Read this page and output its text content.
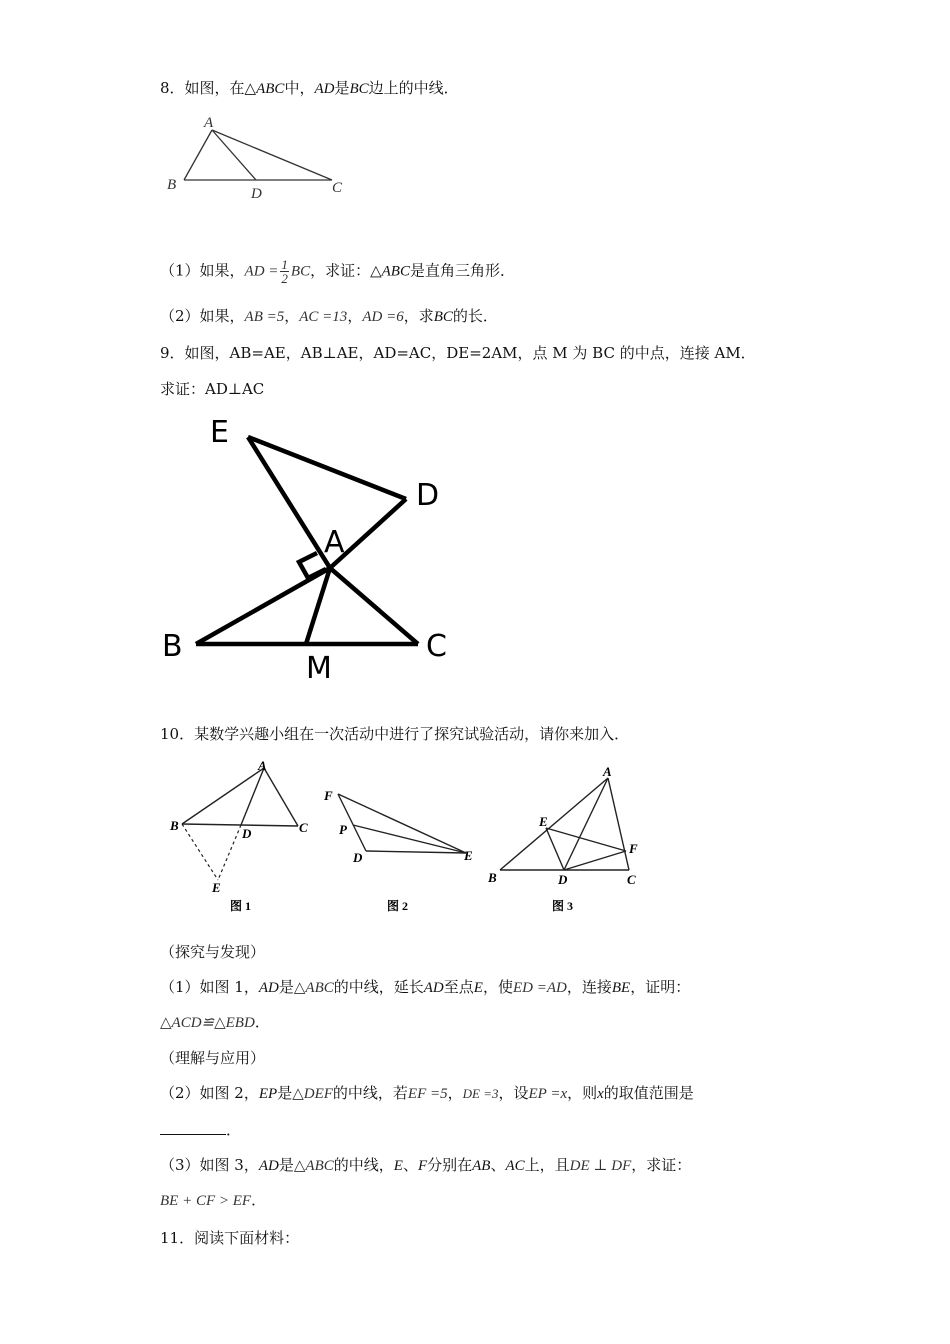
8．如图，在△ABC中，AD是BC边上的中线．
A
B
D	C
（1）如果，AD = $\frac{1}{2}$ BC，求证：△ABC是直角三角形．
（2）如果，AB =5，AC =13，AD =6，求BC的长．
9．如图，AB=AE，AB⊥AE，AD=AC，DE=2AM，点 M 为 BC 的中点，连接 AM．
求证：AD⊥AC
E
D
A
B
M
C
10．某数学兴趣小组在一次活动中进行了探究试验活动，请你来加入．
A
B
D	C
E
图 1
F
P
D	E
图 2
A
E
F
B	D	C
图 3
（探究与发现）
（1）如图 1，AD是△ABC的中线，延长AD至点E，使ED =AD，连接BE，证明：
△ACD≌△EBD．
（理解与应用）
（2）如图 2，EP是△DEF的中线，若EF =5，DE =3，设EP =x，则x的取值范围是
．
（3）如图 3，AD是△ABC的中线，E、F分别在AB、AC上，且DE ⊥ DF，求证：
BE + CF > EF．
11．阅读下面材料：
